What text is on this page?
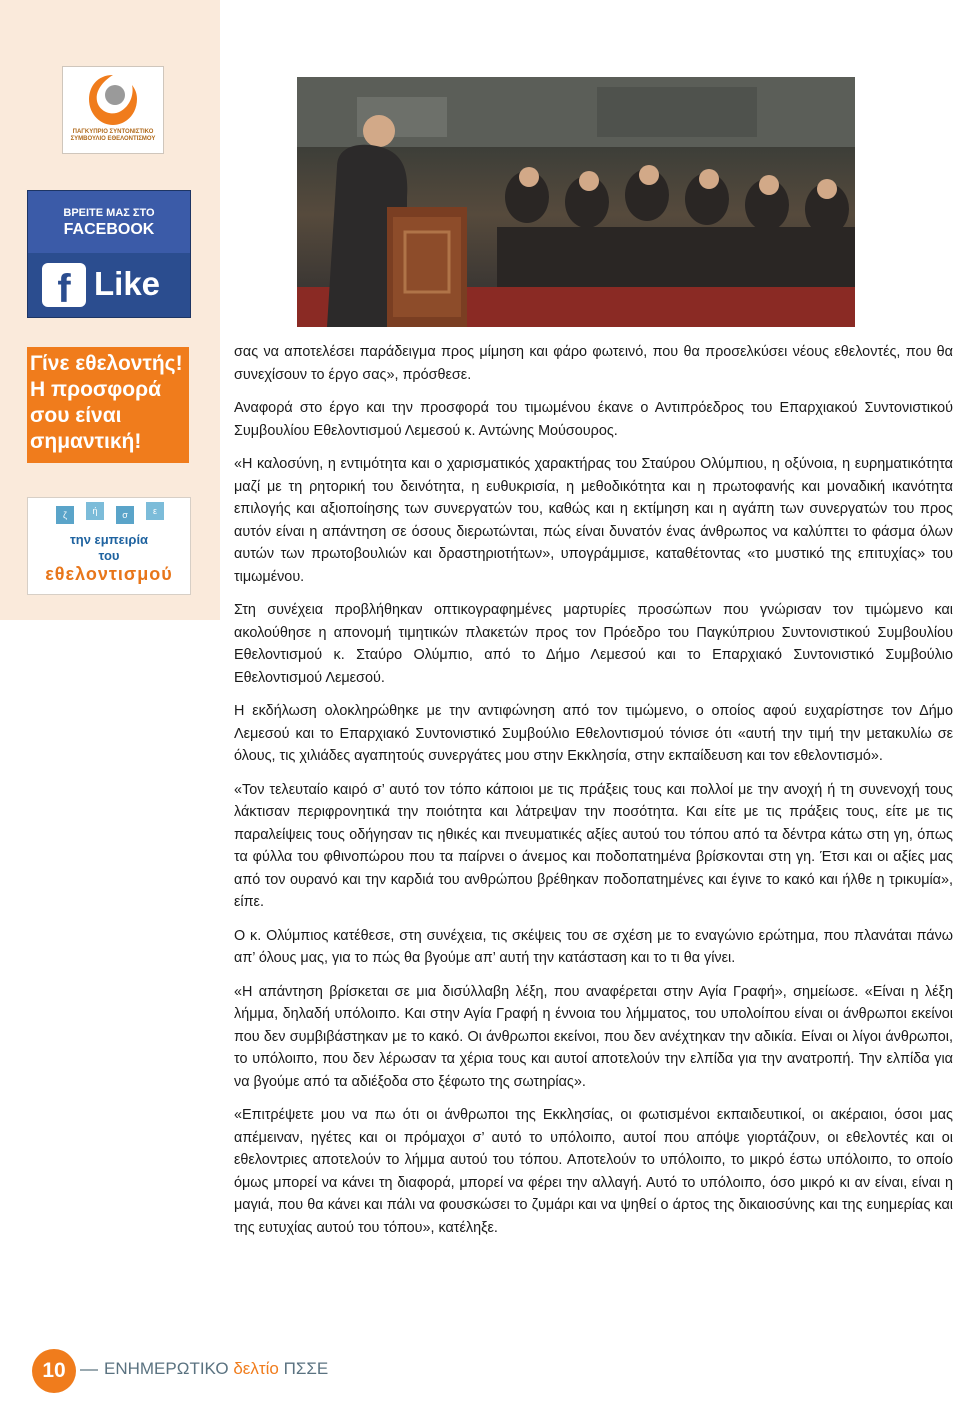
ΠΑΓΚΥΠΡΙΟ ΣΥΝΤΟΝΙΣΤΙΚΟ ΣΥΜΒΟΥΛΙΟ ΕΘΕΛΟΝΤΙΣΜΟΥ
ΒΡΕΙΤΕ ΜΑΣ ΣΤΟ
FACEBOOK
f Like
Γίνε εθελοντής!
Η προσφορά
σου είναι
σημαντική!
ζ	ή	σ	ε
την εμπειρία
του
εθελοντισμού

σας να αποτελέσει παράδειγμα προς μίμηση και φάρο φωτεινό, που θα προσελκύσει νέους εθελοντές, που θα συνεχίσουν το έργο σας», πρόσθεσε.

Αναφορά στο έργο και την προσφορά του τιμωμένου έκανε ο Αντιπρόεδρος του Επαρχιακού Συντονιστικού Συμβουλίου Εθελοντισμού Λεμεσού κ. Αντώνης Μούσουρος.

«Η καλοσύνη, η εντιμότητα και ο χαρισματικός χαρακτήρας του Σταύρου Ολύμπιου, η οξύνοια, η ευρηματικότητα μαζί με τη ρητορική του δεινότητα, η ευθυκρισία, η μεθοδικότητα και η πρωτοφανής και μοναδική ικανότητα επιλογής και αξιοποίησης των συνεργατών του, καθώς και η εκτίμηση και η αγάπη των συνεργατών του προς αυτόν είναι η απάντηση σε όσους διερωτώνται, πώς είναι δυνατόν ένας άνθρωπος να καλύπτει το φάσμα όλων αυτών των πρωτοβουλιών και δραστηριοτήτων», υπογράμμισε, καταθέτοντας «το μυστικό της επιτυχίας» του τιμωμένου.

Στη συνέχεια προβλήθηκαν οπτικογραφημένες μαρτυρίες προσώπων που γνώρισαν τον τιμώμενο και ακολούθησε η απονομή τιμητικών πλακετών προς τον Πρόεδρο του Παγκύπριου Συντονιστικού Συμβουλίου Εθελοντισμού κ. Σταύρο Ολύμπιο, από το Δήμο Λεμεσού και το Επαρχιακό Συντονιστικό Συμβούλιο Εθελοντισμού Λεμεσού.

Η εκδήλωση ολοκληρώθηκε με την αντιφώνηση από τον τιμώμενο, ο οποίος αφού ευχαρίστησε τον Δήμο Λεμεσού και το Επαρχιακό Συντονιστικό Συμβούλιο Εθελοντισμού τόνισε ότι «αυτή την τιμή την μετακυλίω σε όλους, τις χιλιάδες αγαπητούς συνεργάτες μου στην Εκκλησία, στην εκπαίδευση και τον εθελοντισμό».

«Τον τελευταίο καιρό σ’ αυτό τον τόπο κάποιοι με τις πράξεις τους και πολλοί με την ανοχή ή τη συνενοχή τους λάκτισαν περιφρονητικά την ποιότητα και λάτρεψαν την ποσότητα. Και είτε με τις πράξεις τους, είτε με τις παραλείψεις τους οδήγησαν τις ηθικές και πνευματικές αξίες αυτού του τόπου από τα δέντρα κάτω στη γη, όπως τα φύλλα του φθινοπώρου που τα παίρνει ο άνεμος και ποδοπατημένα βρίσκονται στη γη. Έτσι και οι αξίες μας από τον ουρανό και την καρδιά του ανθρώπου βρέθηκαν ποδοπατημένες και έγινε το κακό και ήλθε η τρικυμία», είπε.

Ο κ. Ολύμπιος κατέθεσε, στη συνέχεια, τις σκέψεις του σε σχέση με το εναγώνιο ερώτημα, που πλανάται πάνω απ’ όλους μας, για το πώς θα βγούμε απ’ αυτή την κατάσταση και το τι θα γίνει.

«Η απάντηση βρίσκεται σε μια δισύλλαβη λέξη, που αναφέρεται στην Αγία Γραφή», σημείωσε. «Είναι η λέξη λήμμα, δηλαδή υπόλοιπο. Και στην Αγία Γραφή η έννοια του λήμματος, του υπολοίπου είναι οι άνθρωποι εκείνοι που δεν συμβιβάστηκαν με το κακό. Οι άνθρωποι εκείνοι, που δεν ανέχτηκαν την αδικία. Είναι οι λίγοι άνθρωποι, το υπόλοιπο, που δεν λέρωσαν τα χέρια τους και αυτοί αποτελούν την ελπίδα για την ανατροπή. Την ελπίδα για να βγούμε από τα αδιέξοδα στο ξέφωτο της σωτηρίας».

«Επιτρέψετε μου να πω ότι οι άνθρωποι της Εκκλησίας, οι φωτισμένοι εκπαιδευτικοί, οι ακέραιοι, όσοι μας απέμειναν, ηγέτες και οι πρόμαχοι σ’ αυτό το υπόλοιπο, αυτοί που απόψε γιορτάζουν, οι εθελοντές και οι εθελοντριες αποτελούν το λήμμα αυτού του τόπου. Αποτελούν το υπόλοιπο, το μικρό έστω υπόλοιπο, το οποίο όμως μπορεί να κάνει τη διαφορά, μπορεί να φέρει την αλλαγή. Αυτό το υπόλοιπο, όσο μικρό κι αν είναι, είναι η μαγιά, που θα κάνει και πάλι να φουσκώσει το ζυμάρι και να ψηθεί ο άρτος της δικαιοσύνης και της ευημερίας και της ευτυχίας αυτού του τόπου», κατέληξε.

10	ΕΝΗΜΕΡΩΤΙΚΟ δελτίο ΠΣΣΕ
